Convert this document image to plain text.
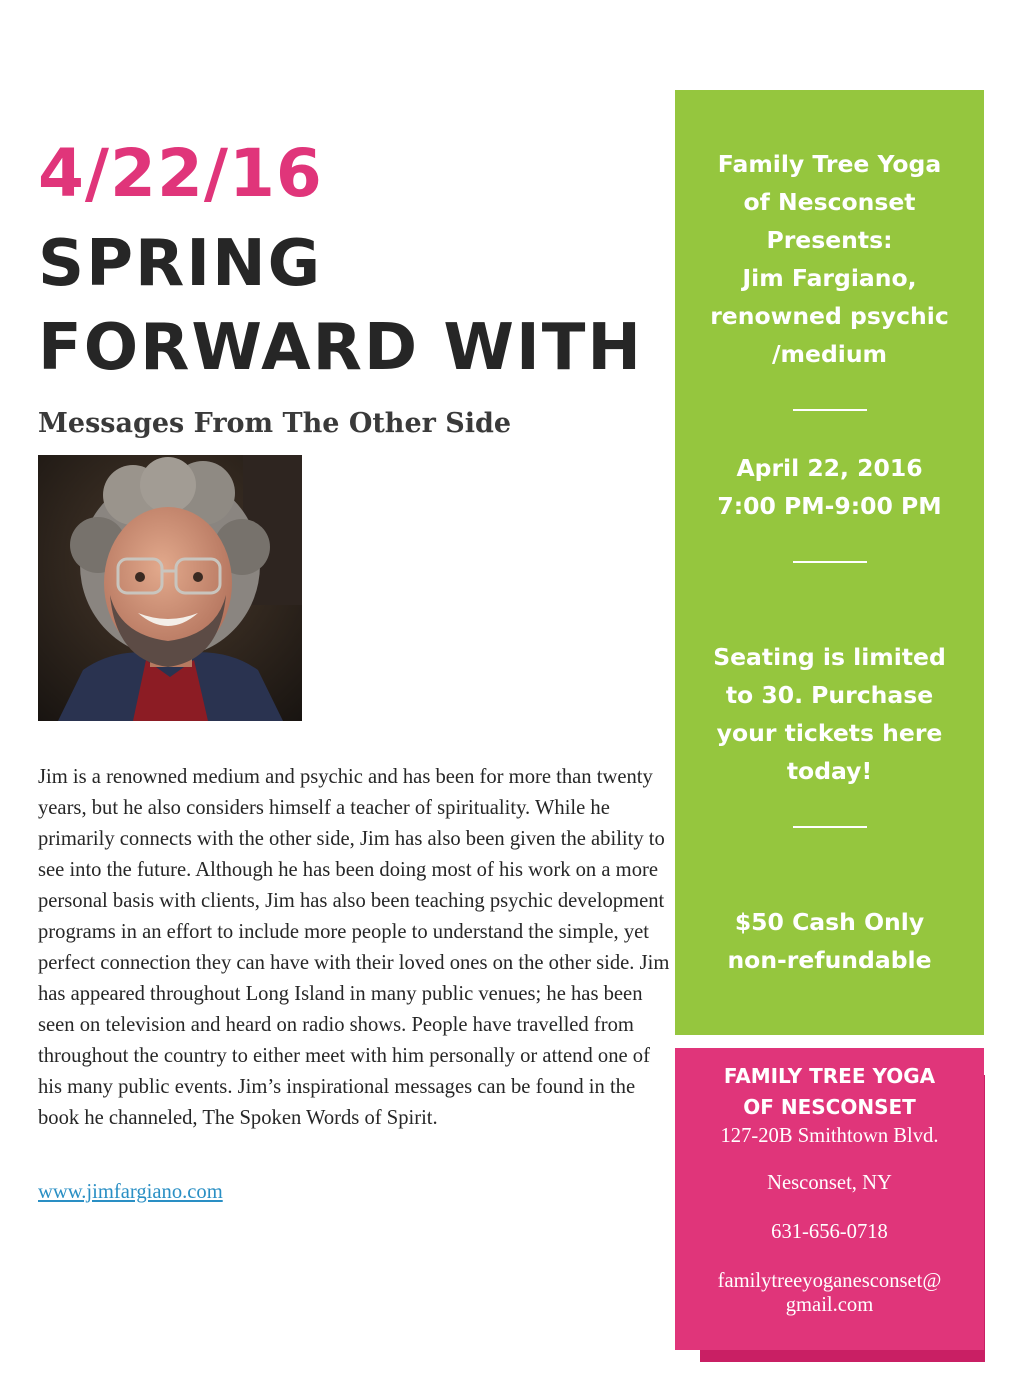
4/22/16
SPRING
FORWARD WITH
Messages From The Other Side

Jim is a renowned medium and psychic and has been for more than twenty years, but he also considers himself a teacher of spirituality. While he primarily connects with the other side, Jim has also been given the ability to see into the future. Although he has been doing most of his work on a more personal basis with clients, Jim has also been teaching psychic development programs in an effort to include more people to understand the simple, yet perfect connection they can have with their loved ones on the other side. Jim has appeared throughout Long Island in many public venues; he has been seen on television and heard on radio shows. People have travelled from throughout the country to either meet with him personally or attend one of his many public events. Jim’s inspirational messages can be found in the book he channeled, The Spoken Words of Spirit.

www.jimfargiano.com

Family Tree Yoga
of Nesconset
Presents:
Jim Fargiano,
renowned psychic
/medium

April 22, 2016
7:00 PM-9:00 PM

Seating is limited
to 30. Purchase
your tickets here
today!

$50 Cash Only
non-refundable

FAMILY TREE YOGA
OF NESCONSET

127-20B Smithtown Blvd.

Nesconset, NY

631-656-0718

familytreeyoganesconset@
gmail.com
